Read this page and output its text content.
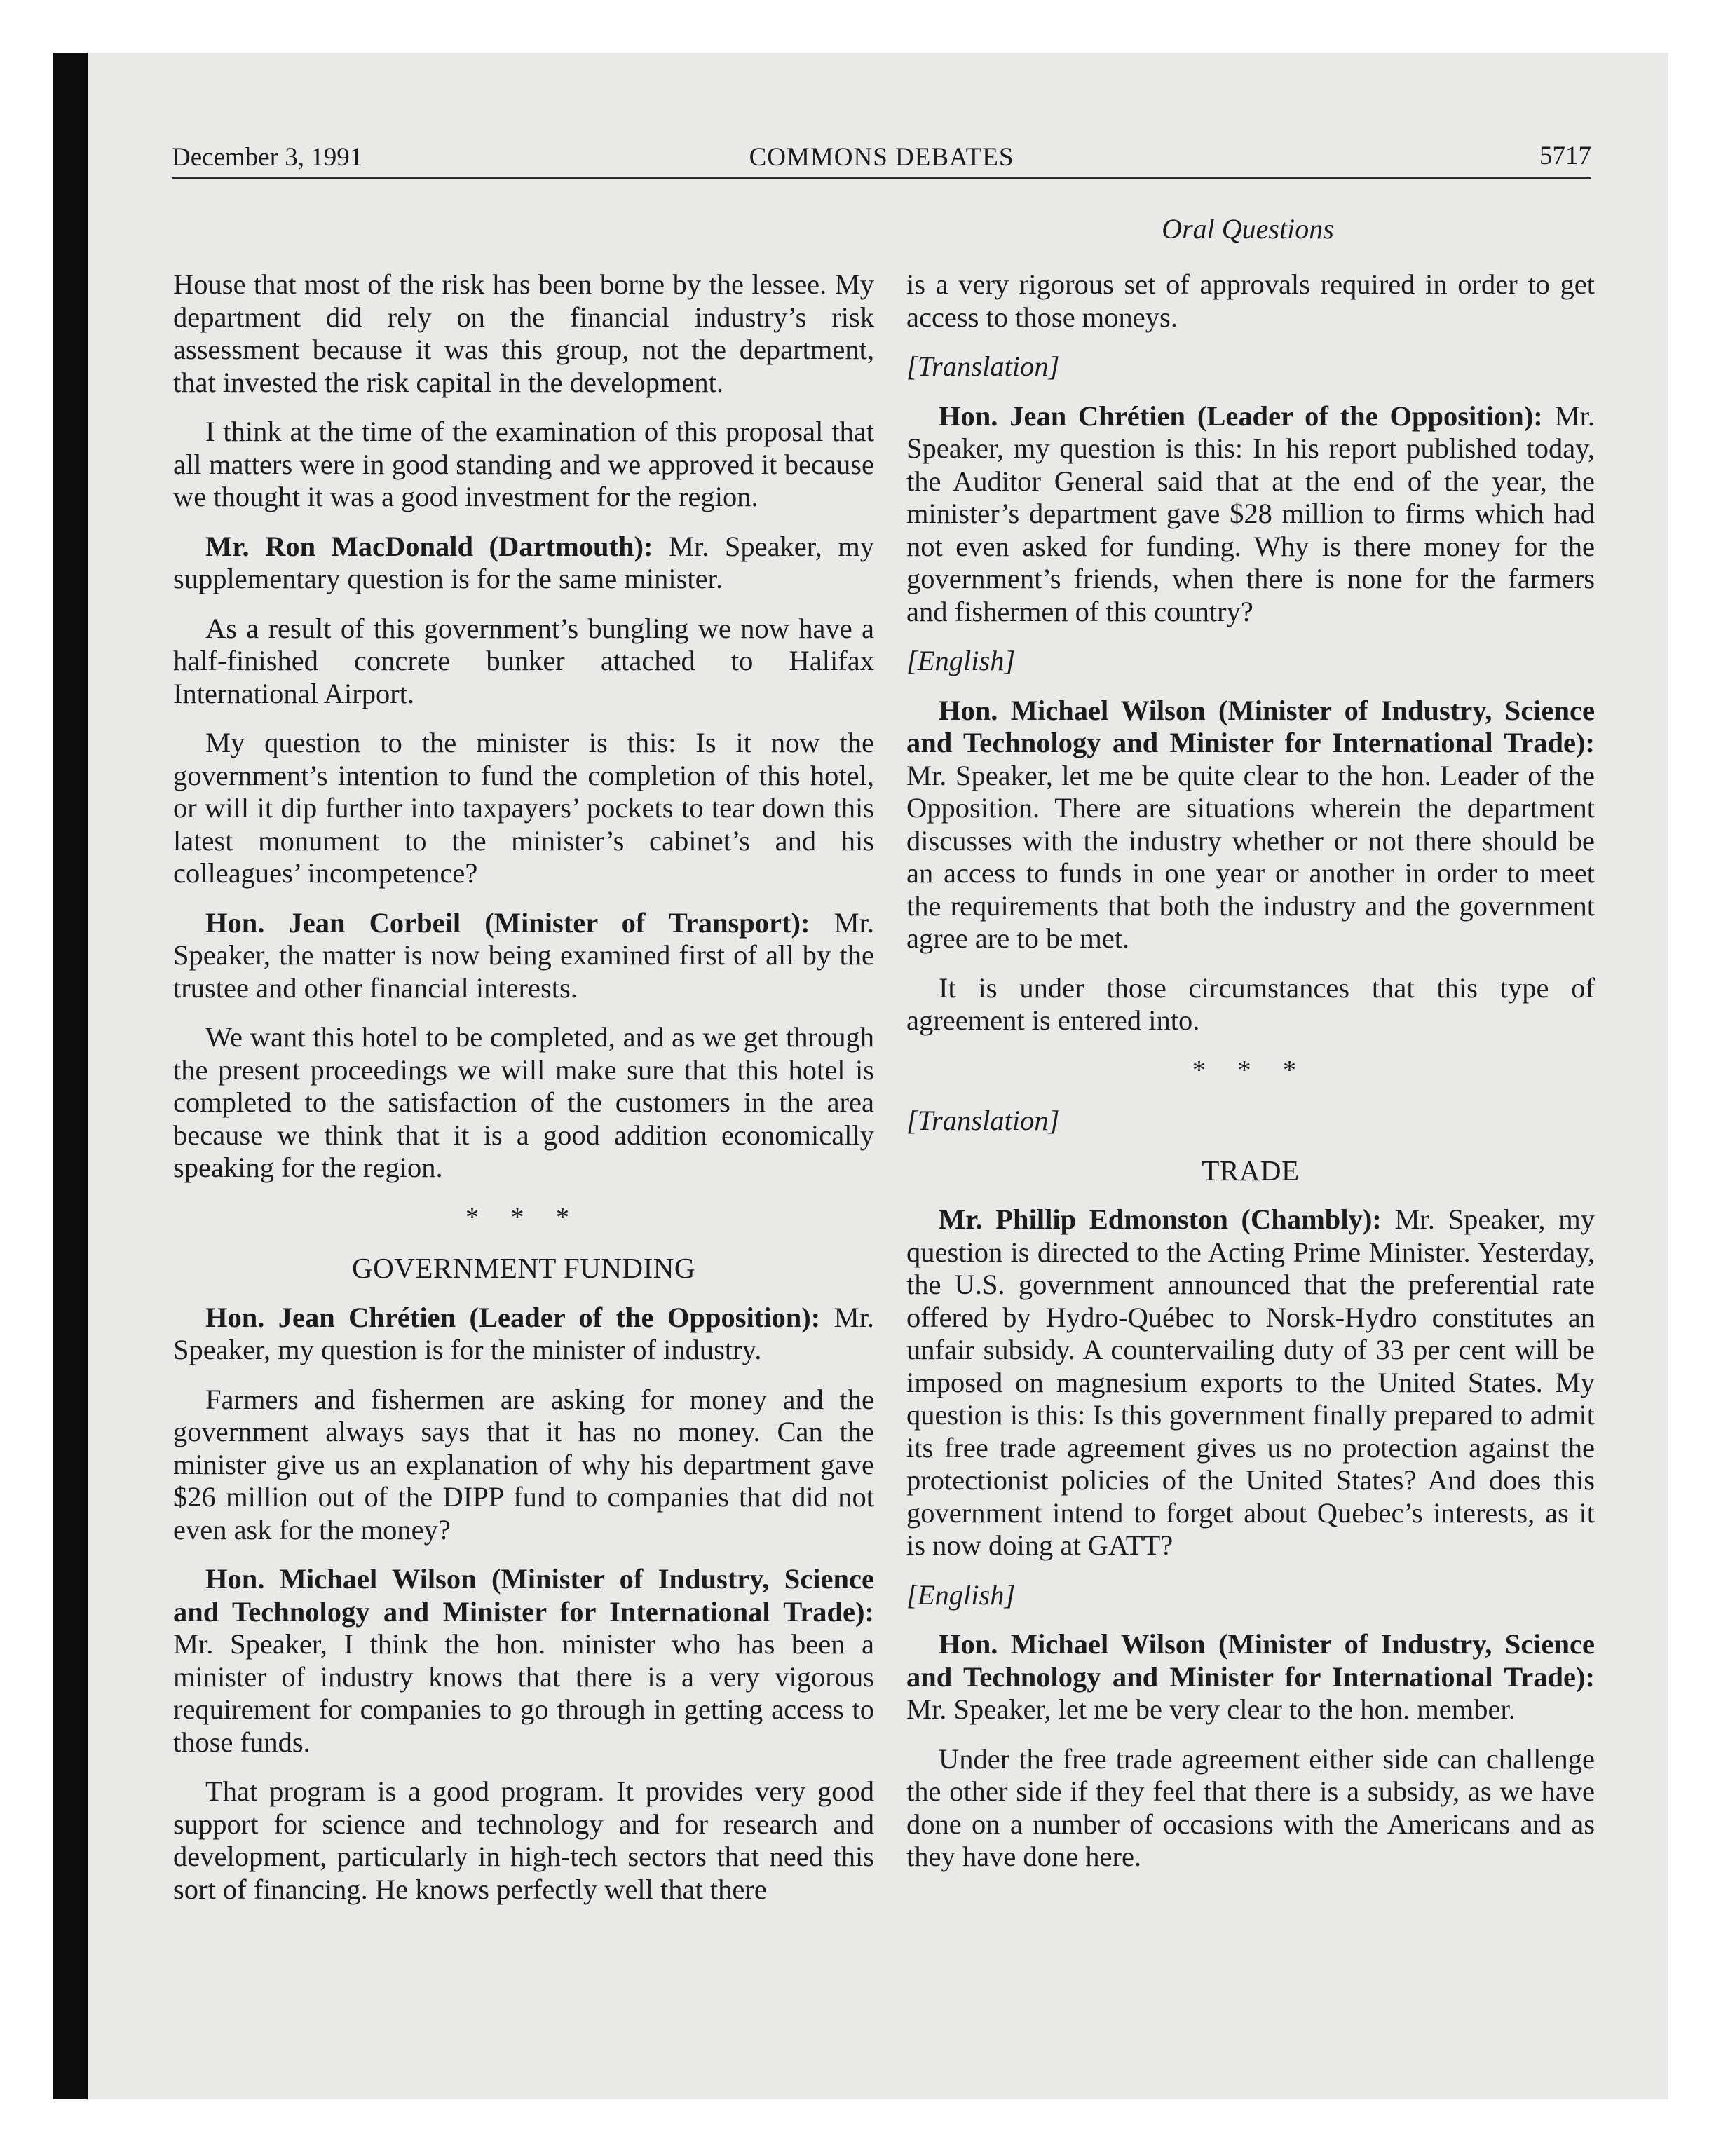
December 3, 1991	COMMONS DEBATES	5717
Oral Questions

House that most of the risk has been borne by the lessee. My department did rely on the financial industry’s risk assessment because it was this group, not the department, that invested the risk capital in the development.

I think at the time of the examination of this proposal that all matters were in good standing and we approved it because we thought it was a good investment for the region.

Mr. Ron MacDonald (Dartmouth): Mr. Speaker, my supplementary question is for the same minister.

As a result of this government’s bungling we now have a half-finished concrete bunker attached to Halifax International Airport.

My question to the minister is this: Is it now the government’s intention to fund the completion of this hotel, or will it dip further into taxpayers’ pockets to tear down this latest monument to the minister’s cabinet’s and his colleagues’ incompetence?

Hon. Jean Corbeil (Minister of Transport): Mr. Speaker, the matter is now being examined first of all by the trustee and other financial interests.

We want this hotel to be completed, and as we get through the present proceedings we will make sure that this hotel is completed to the satisfaction of the customers in the area because we think that it is a good addition economically speaking for the region.

* * *
GOVERNMENT FUNDING

Hon. Jean Chrétien (Leader of the Opposition): Mr. Speaker, my question is for the minister of industry.

Farmers and fishermen are asking for money and the government always says that it has no money. Can the minister give us an explanation of why his department gave $26 million out of the DIPP fund to companies that did not even ask for the money?

Hon. Michael Wilson (Minister of Industry, Science and Technology and Minister for International Trade): Mr. Speaker, I think the hon. minister who has been a minister of industry knows that there is a very vigorous requirement for companies to go through in getting access to those funds.

That program is a good program. It provides very good support for science and technology and for research and development, particularly in high-tech sectors that need this sort of financing. He knows perfectly well that there

is a very rigorous set of approvals required in order to get access to those moneys.

[Translation]

Hon. Jean Chrétien (Leader of the Opposition): Mr. Speaker, my question is this: In his report published today, the Auditor General said that at the end of the year, the minister’s department gave $28 million to firms which had not even asked for funding. Why is there money for the government’s friends, when there is none for the farmers and fishermen of this country?

[English]

Hon. Michael Wilson (Minister of Industry, Science and Technology and Minister for International Trade): Mr. Speaker, let me be quite clear to the hon. Leader of the Opposition. There are situations wherein the department discusses with the industry whether or not there should be an access to funds in one year or another in order to meet the requirements that both the industry and the government agree are to be met.

It is under those circumstances that this type of agreement is entered into.

* * *

[Translation]

TRADE

Mr. Phillip Edmonston (Chambly): Mr. Speaker, my question is directed to the Acting Prime Minister. Yesterday, the U.S. government announced that the preferential rate offered by Hydro-Québec to Norsk-Hydro constitutes an unfair subsidy. A countervailing duty of 33 per cent will be imposed on magnesium exports to the United States. My question is this: Is this government finally prepared to admit its free trade agreement gives us no protection against the protectionist policies of the United States? And does this government intend to forget about Quebec’s interests, as it is now doing at GATT?

[English]

Hon. Michael Wilson (Minister of Industry, Science and Technology and Minister for International Trade): Mr. Speaker, let me be very clear to the hon. member.

Under the free trade agreement either side can challenge the other side if they feel that there is a subsidy, as we have done on a number of occasions with the Americans and as they have done here.
